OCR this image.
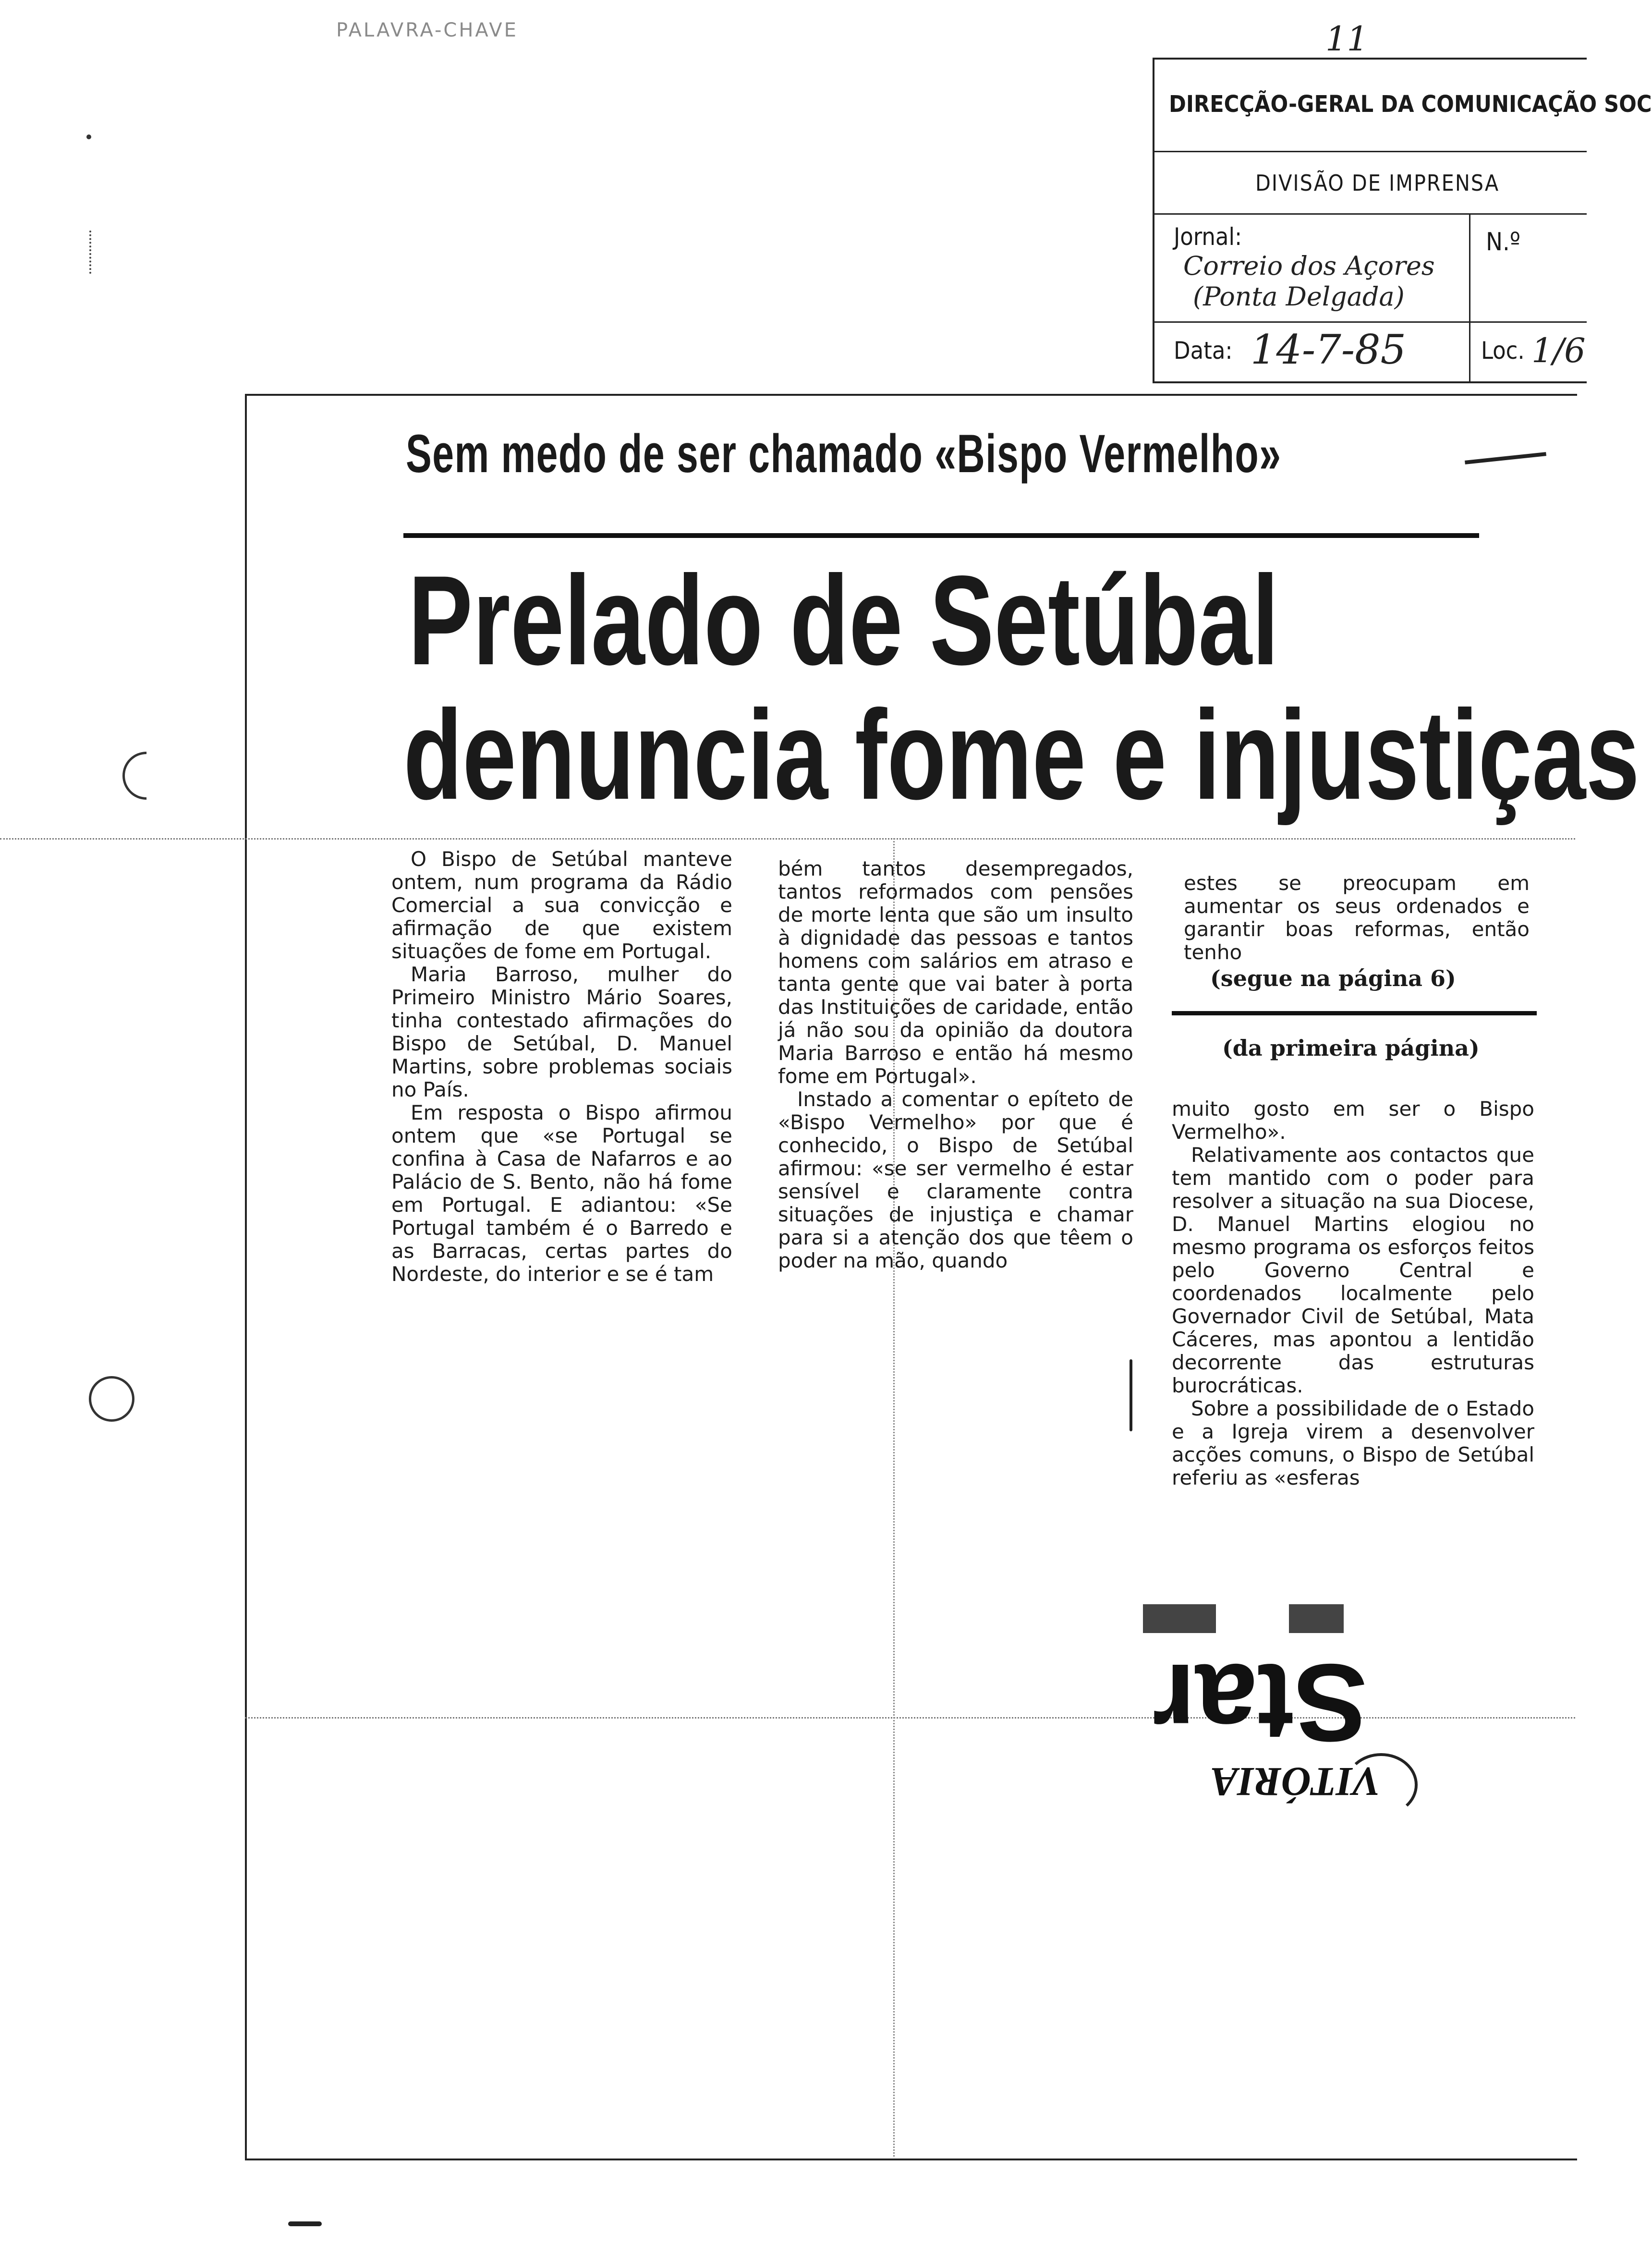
PALAVRA-CHAVE	11
DIRECÇÃO-GERAL DA COMUNICAÇÃO SOC
DIVISÃO DE IMPRENSA
Jornal:
Correio dos Açores
(Ponta Delgada)
N.º
Data: 14-7-85	Loc. 1/6
Sem medo de ser chamado «Bispo Vermelho»
Prelado de Setúbal
denuncia fome e injustiças

O Bispo de Setúbal manteve ontem, num programa da Rádio Comercial a sua convicção e afirmação de que existem situações de fome em Portugal.

Maria Barroso, mulher do Primeiro Ministro Mário Soares, tinha contestado afirmações do Bispo de Setúbal, D. Manuel Martins, sobre problemas sociais no País.

Em resposta o Bispo afirmou ontem que «se Portugal se confina à Casa de Nafarros e ao Palácio de S. Bento, não há fome em Portugal. E adiantou: «Se Portugal também é o Barredo e as Barracas, certas partes do Nordeste, do interior e se é tam

bém tantos desempregados, tantos reformados com pensões de morte lenta que são um insulto à dignidade das pessoas e tantos homens com salários em atraso e tanta gente que vai bater à porta das Instituições de caridade, então já não sou da opinião da doutora Maria Barroso e então há mesmo fome em Portugal».

Instado a comentar o epíteto de «Bispo Vermelho» por que é conhecido, o Bispo de Setúbal afirmou: «se ser vermelho é estar sensível e claramente contra situações de injustiça e chamar para si a atenção dos que têem o poder na mão, quando

estes se preocupam em aumentar os seus ordenados e garantir boas reformas, então tenho

(segue na página 6)
(da primeira página)

muito gosto em ser o Bispo Vermelho».

Relativamente aos contactos que tem mantido com o poder para resolver a situação na sua Diocese, D. Manuel Martins elogiou no mesmo programa os esforços feitos pelo Governo Central e coordenados localmente pelo Governador Civil de Setúbal, Mata Cáceres, mas apontou a lentidão decorrente das estruturas burocráticas.

Sobre a possibilidade de o Estado e a Igreja virem a desenvolver acções comuns, o Bispo de Setúbal referiu as «esferas

Star
VITÓRIA
